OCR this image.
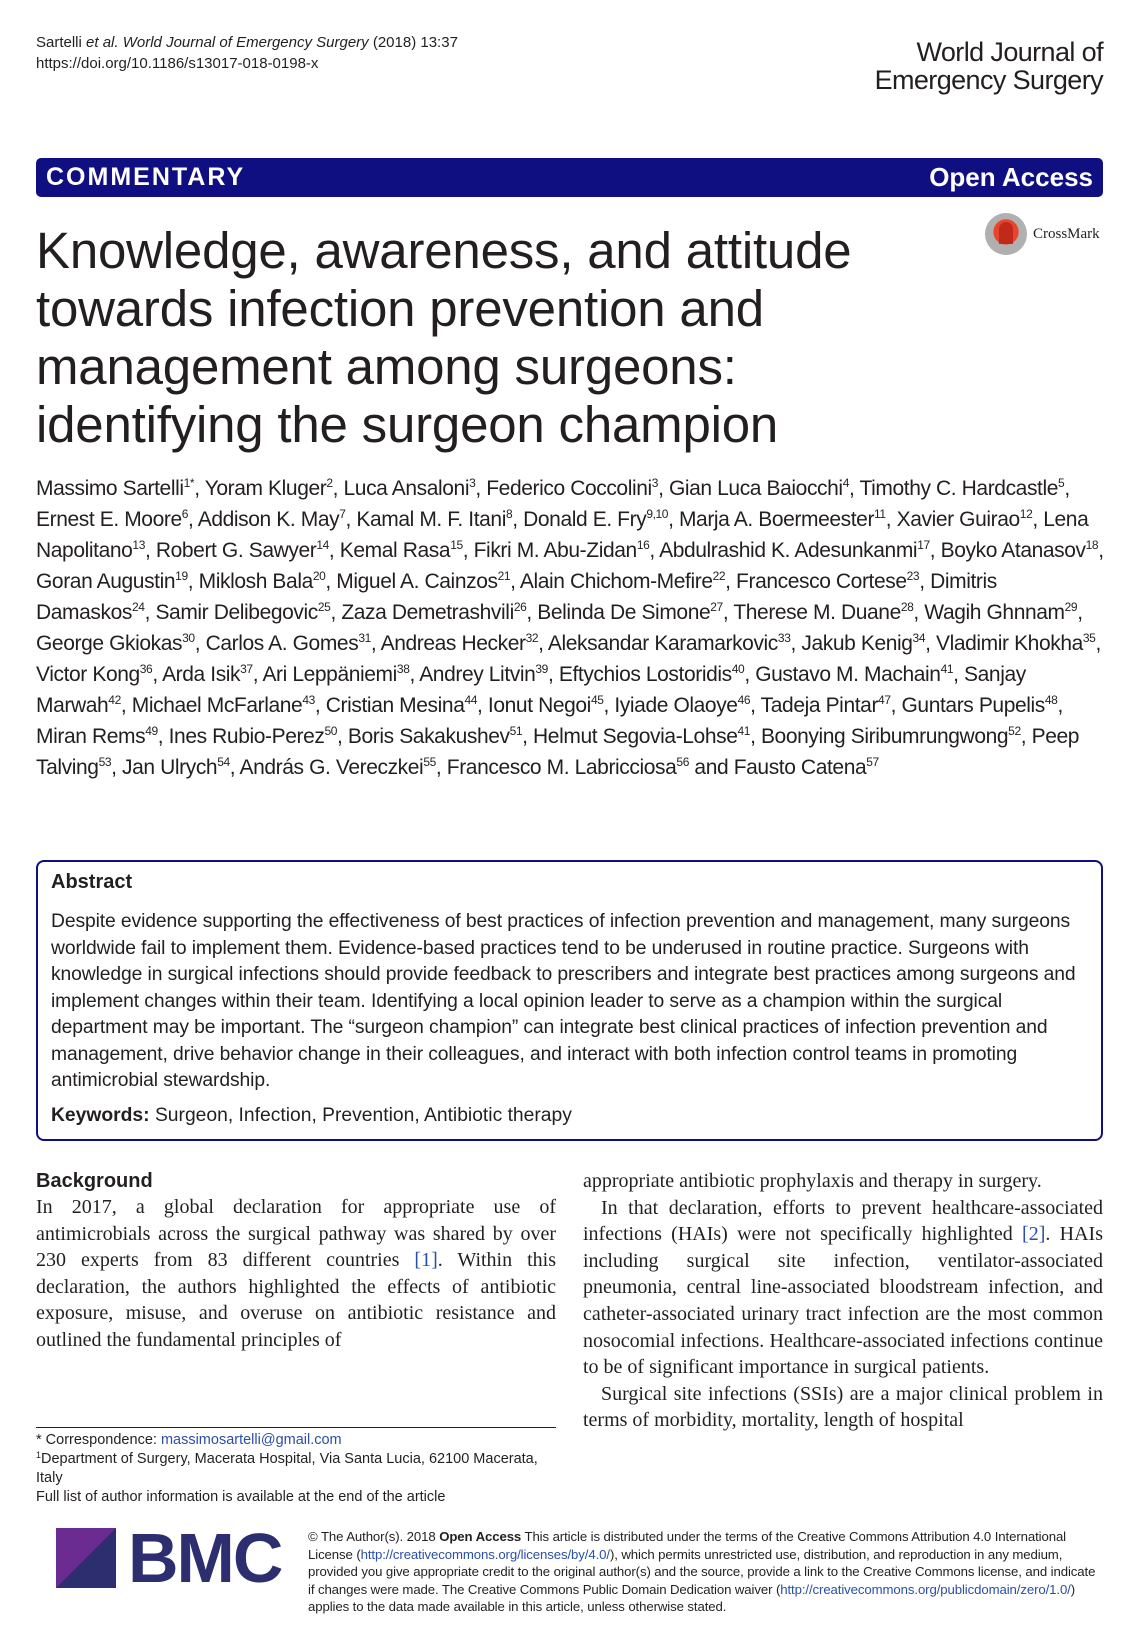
Sartelli et al. World Journal of Emergency Surgery (2018) 13:37
https://doi.org/10.1186/s13017-018-0198-x	World Journal of
Emergency Surgery
COMMENTARY	Open Access
CrossMark
Knowledge, awareness, and attitude
towards infection prevention and
management among surgeons:
identifying the surgeon champion
Massimo Sartelli$^{1*}$, Yoram Kluger$^2$, Luca Ansaloni$^3$, Federico Coccolini$^3$, Gian Luca Baiocchi$^4$, Timothy C. Hardcastle$^5$, Ernest E. Moore$^6$, Addison K. May$^7$, Kamal M. F. Itani$^8$, Donald E. Fry$^{9,10}$, Marja A. Boermeester$^{11}$, Xavier Guirao$^{12}$, Lena Napolitano$^{13}$, Robert G. Sawyer$^{14}$, Kemal Rasa$^{15}$, Fikri M. Abu-Zidan$^{16}$, Abdulrashid K. Adesunkanmi$^{17}$, Boyko Atanasov$^{18}$, Goran Augustin$^{19}$, Miklosh Bala$^{20}$, Miguel A. Cainzos$^{21}$, Alain Chichom-Mefire$^{22}$, Francesco Cortese$^{23}$, Dimitris Damaskos$^{24}$, Samir Delibegovic$^{25}$, Zaza Demetrashvili$^{26}$, Belinda De Simone$^{27}$, Therese M. Duane$^{28}$, Wagih Ghnnam$^{29}$, George Gkiokas$^{30}$, Carlos A. Gomes$^{31}$, Andreas Hecker$^{32}$, Aleksandar Karamarkovic$^{33}$, Jakub Kenig$^{34}$, Vladimir Khokha$^{35}$, Victor Kong$^{36}$, Arda Isik$^{37}$, Ari Leppäniemi$^{38}$, Andrey Litvin$^{39}$, Eftychios Lostoridis$^{40}$, Gustavo M. Machain$^{41}$, Sanjay Marwah$^{42}$, Michael McFarlane$^{43}$, Cristian Mesina$^{44}$, Ionut Negoi$^{45}$, Iyiade Olaoye$^{46}$, Tadeja Pintar$^{47}$, Guntars Pupelis$^{48}$, Miran Rems$^{49}$, Ines Rubio-Perez$^{50}$, Boris Sakakushev$^{51}$, Helmut Segovia-Lohse$^{41}$, Boonying Siribumrungwong$^{52}$, Peep Talving$^{53}$, Jan Ulrych$^{54}$, András G. Vereczkei$^{55}$, Francesco M. Labricciosa$^{56}$ and Fausto Catena$^{57}$
Abstract
Despite evidence supporting the effectiveness of best practices of infection prevention and management, many surgeons worldwide fail to implement them. Evidence-based practices tend to be underused in routine practice. Surgeons with knowledge in surgical infections should provide feedback to prescribers and integrate best practices among surgeons and implement changes within their team. Identifying a local opinion leader to serve as a champion within the surgical department may be important. The “surgeon champion” can integrate best clinical practices of infection prevention and management, drive behavior change in their colleagues, and interact with both infection control teams in promoting antimicrobial stewardship.
Keywords: Surgeon, Infection, Prevention, Antibiotic therapy
Background

In 2017, a global declaration for appropriate use of antimicrobials across the surgical pathway was shared by over 230 experts from 83 different countries [1]. Within this declaration, the authors highlighted the effects of antibiotic exposure, misuse, and overuse on antibiotic resistance and outlined the fundamental principles of

appropriate antibiotic prophylaxis and therapy in surgery.

In that declaration, efforts to prevent healthcare-associated infections (HAIs) were not specifically highlighted [2]. HAIs including surgical site infection, ventilator-associated pneumonia, central line-associated bloodstream infection, and catheter-associated urinary tract infection are the most common nosocomial infections. Healthcare-associated infections continue to be of significant importance in surgical patients.

Surgical site infections (SSIs) are a major clinical problem in terms of morbidity, mortality, length of hospital

* Correspondence: massimosartelli@gmail.com
$^1$Department of Surgery, Macerata Hospital, Via Santa Lucia, 62100 Macerata, Italy
Full list of author information is available at the end of the article
BMC © The Author(s). 2018 Open Access This article is distributed under the terms of the Creative Commons Attribution 4.0 International License (http://creativecommons.org/licenses/by/4.0/), which permits unrestricted use, distribution, and reproduction in any medium, provided you give appropriate credit to the original author(s) and the source, provide a link to the Creative Commons license, and indicate if changes were made. The Creative Commons Public Domain Dedication waiver (http://creativecommons.org/publicdomain/zero/1.0/) applies to the data made available in this article, unless otherwise stated.
